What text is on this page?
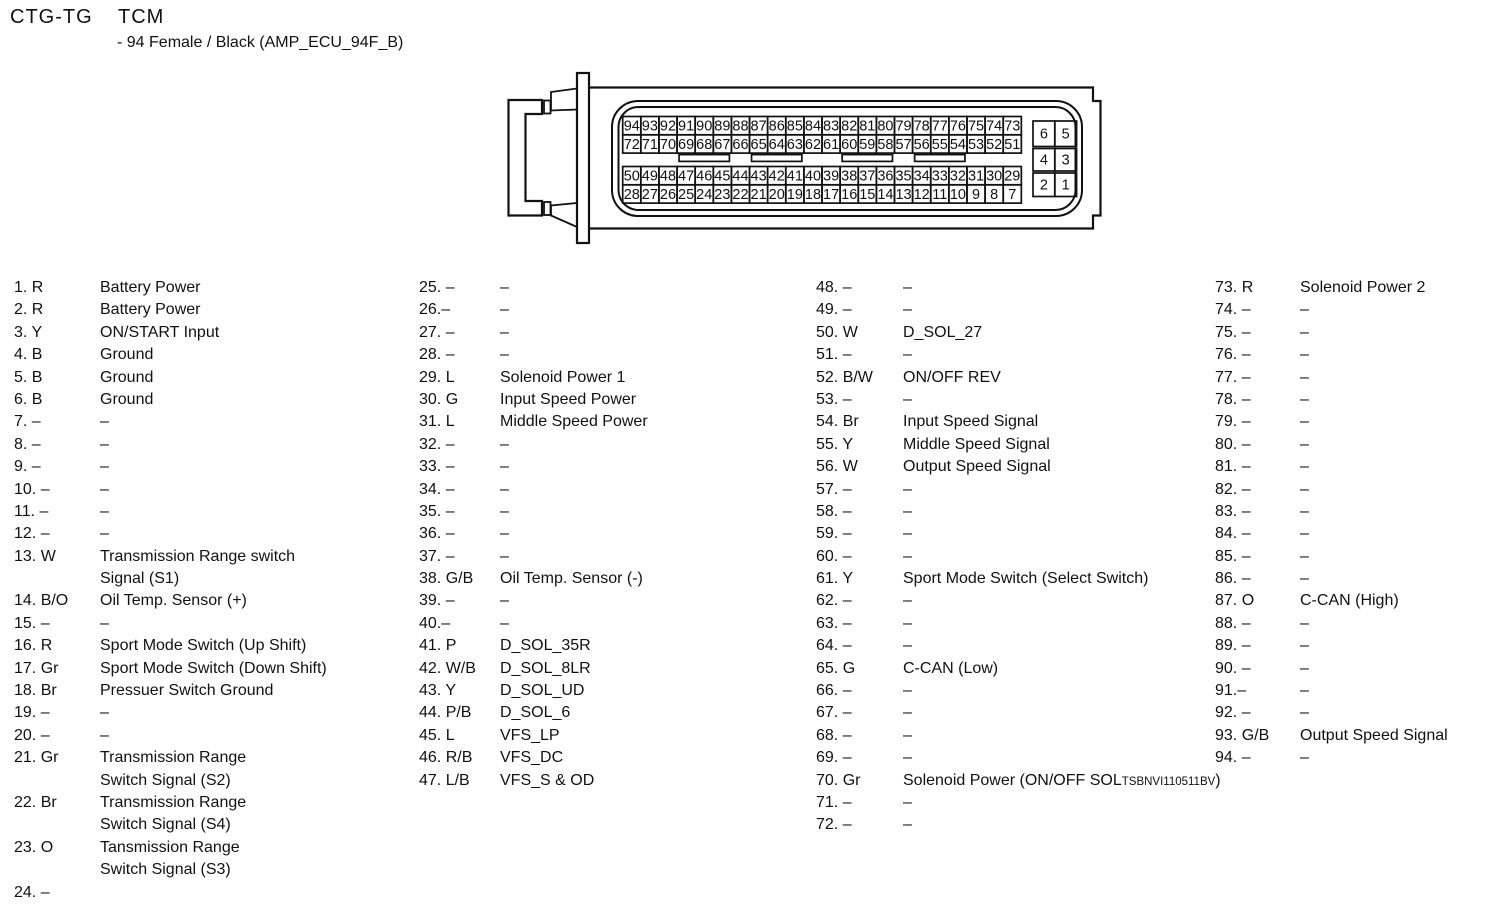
CTG-TG TCM
- 94 Female / Black (AMP_ECU_94F_B)
94 93 92 91 90 89 88 87 86 85 84 83 82 81 80 79 78 77 76 75 74 73
72 71 70 69 68 67 66 65 64 63 62 61 60 59 58 57 56 55 54 53 52 51
50 49 48 47 46 45 44 43 42 41 40 39 38 37 36 35 34 33 32 31 30 29
28 27 26 25 24 23 22 21 20 19 18 17 16 15 14 13 12 11 10 9 8 7
6 5
4 3
2 1
1. R	Battery Power
2. R	Battery Power
3. Y	ON/START Input
4. B	Ground
5. B	Ground
6. B	Ground
7. –	–
8. –	–
9. –	–
10. –	–
11. –	–
12. –	–
13. W	Transmission Range switch
Signal (S1)
14. B/O Oil Temp. Sensor (+)
15. –	–
16. R	Sport Mode Switch (Up Shift)
17. Gr	Sport Mode Switch (Down Shift)
18. Br	Pressuer Switch Ground
19. –	–
20. –	–
21. Gr	Transmission Range
Switch Signal (S2)
22. Br	Transmission Range
Switch Signal (S4)
23. O	Tansmission Range
Switch Signal (S3)
24. –
25. –	–
26.–	–
27. –	–
28. –	–
29. L	Solenoid Power 1
30. G	Input Speed Power
31. L	Middle Speed Power
32. –	–
33. –	–
34. –	–
35. –	–
36. –	–
37. –	–
38. G/B Oil Temp. Sensor (-)
39. –	–
40.–	–
41. P	D_SOL_35R
42. W/B D_SOL_8LR
43. Y	D_SOL_UD
44. P/B D_SOL_6
45. L	VFS_LP
46. R/B VFS_DC
47. L/B VFS_S & OD
48. –	–
49. –	–
50. W	D_SOL_27
51. –	–
52. B/W ON/OFF REV
53. –	–
54. Br	Input Speed Signal
55. Y	Middle Speed Signal
56. W	Output Speed Signal
57. –	–
58. –	–
59. –	–
60. –	–
61. Y	Sport Mode Switch (Select Switch)
62. –	–
63. –	–
64. –	–
65. G	C-CAN (Low)
66. –	–
67. –	–
68. –	–
69. –	–
70. Gr	Solenoid Power (ON/OFF SOLTSBNVI110511BV)
71. –	–
72. –	–
73. R	Solenoid Power 2
74. –	–
75. –	–
76. –	–
77. –	–
78. –	–
79. –	–
80. –	–
81. –	–
82. –	–
83. –	–
84. –	–
85. –	–
86. –	–
87. O	C-CAN (High)
88. –	–
89. –	–
90. –	–
91.–	–
92. –	–
93. G/B Output Speed Signal
94. –	–
